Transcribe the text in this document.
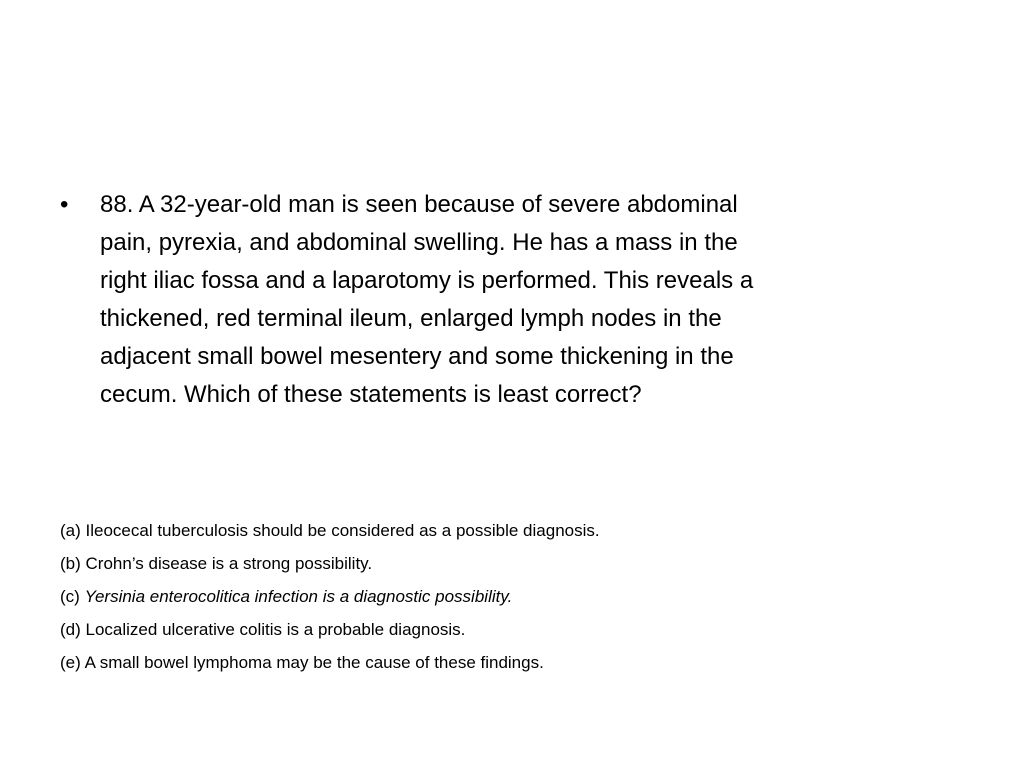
•	88. A 32-year-old man is seen because of severe abdominal pain, pyrexia, and abdominal swelling. He has a mass in the right iliac fossa and a laparotomy is performed. This reveals a thickened, red terminal ileum, enlarged lymph nodes in the adjacent small bowel mesentery and some thickening in the cecum. Which of these statements is least correct?

(a) Ileocecal tuberculosis should be considered as a possible diagnosis.
(b) Crohn’s disease is a strong possibility.
(c) Yersinia enterocolitica infection is a diagnostic possibility.
(d) Localized ulcerative colitis is a probable diagnosis.
(e) A small bowel lymphoma may be the cause of these findings.
